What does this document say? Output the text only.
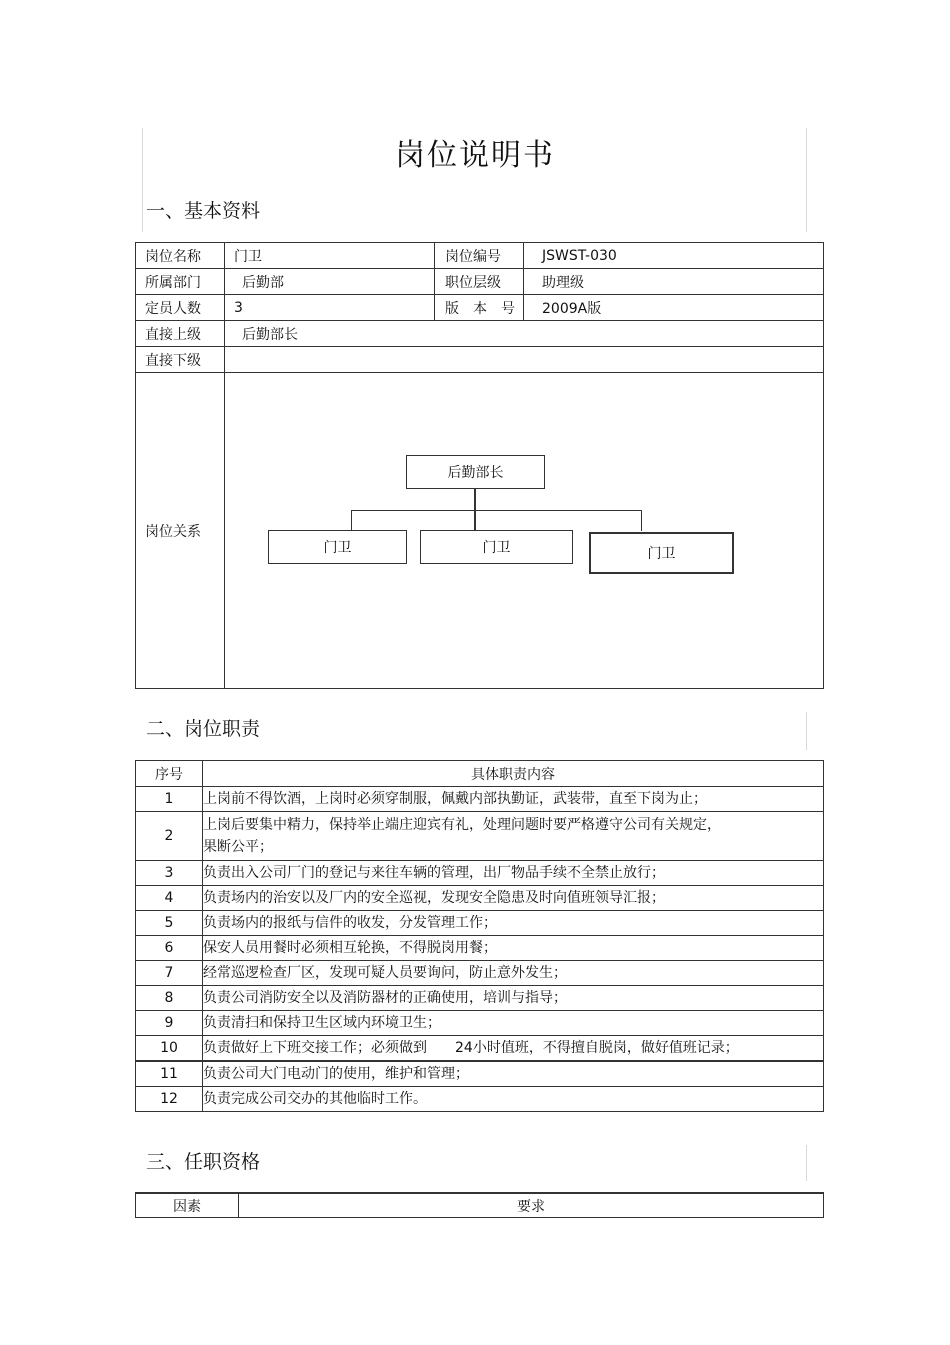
岗位说明书
一、基本资料
岗位名称	门卫	岗位编号	JSWST-030
所属部门	后勤部	职位层级	助理级
定员人数	3	版　本　号	2009A版
直接上级	后勤部长		
直接下级			
岗位关系	后勤部长
门卫 门卫 门卫		
二、岗位职责
序号	具体职责内容
1	上岗前不得饮酒，上岗时必须穿制服，佩戴内部执勤证，武装带，直至下岗为止；
2	上岗后要集中精力，保持举止端庄迎宾有礼，处理问题时要严格遵守公司有关规定，
果断公平；

3	负责出入公司厂门的登记与来往车辆的管理，出厂物品手续不全禁止放行；
4	负责场内的治安以及厂内的安全巡视，发现安全隐患及时向值班领导汇报；
5	负责场内的报纸与信件的收发，分发管理工作；
6	保安人员用餐时必须相互轮换，不得脱岗用餐；
7	经常巡逻检查厂区，发现可疑人员要询问，防止意外发生；
8	负责公司消防安全以及消防器材的正确使用，培训与指导；
9	负责清扫和保持卫生区域内环境卫生；
10	负责做好上下班交接工作；必须做到　　24小时值班，不得擅自脱岗，做好值班记录；
11	负责公司大门电动门的使用，维护和管理；
12	负责完成公司交办的其他临时工作。
三、任职资格
因素	要求
